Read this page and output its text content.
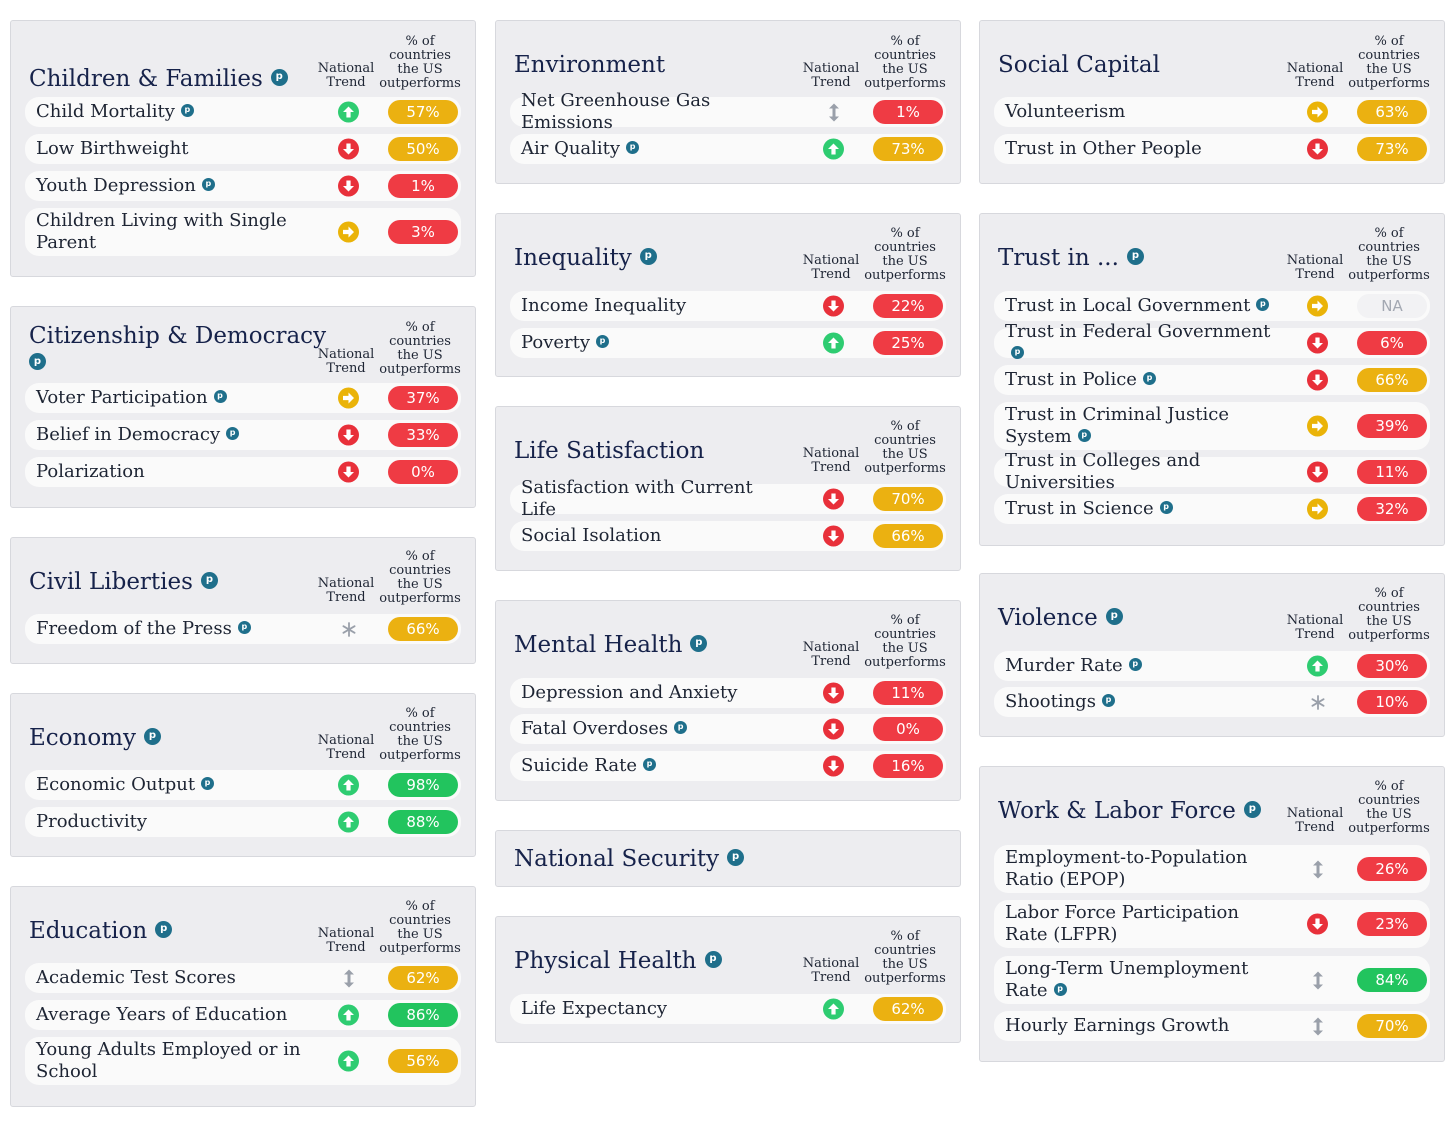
Children & Families p
National
Trend
% of
countries
the US
outperforms
Child Mortality p	57%
Low Birthweight	50%
Youth Depression p	1%
Children Living with Single Parent	3%
Citizenship & Democracy
p	National
Trend
% of
countries
the US
outperforms
Voter Participation p	37%
Belief in Democracy p	33%
Polarization	0%
Civil Liberties p	National
Trend
% of
countries
the US
outperforms
Freedom of the Press p	66%
Economy p	National
Trend
% of
countries
the US
outperforms
Economic Output p	98%
Productivity	88%
Education p	National
Trend
% of
countries
the US
outperforms
Academic Test Scores	62%
Average Years of Education	86%
Young Adults Employed or in School	56%
Environment	National
Trend
% of
countries
the US
outperforms
Net Greenhouse Gas Emissions	1%
Air Quality p	73%
Inequality p	National
Trend
% of
countries
the US
outperforms
Income Inequality	22%
Poverty p	25%
Life Satisfaction	National
Trend
% of
countries
the US
outperforms
Satisfaction with Current Life	70%
Social Isolation	66%
Mental Health p	National
Trend
% of
countries
the US
outperforms
Depression and Anxiety	11%
Fatal Overdoses p	0%
Suicide Rate p	16%
National Security p
Physical Health p	National
Trend
% of
countries
the US
outperforms
Life Expectancy	62%
Social Capital	National
Trend
% of
countries
the US
outperforms
Volunteerism	63%
Trust in Other People	73%
Trust in ... p	National
Trend
% of
countries
the US
outperforms
Trust in Local Government p	NA
Trust in Federal Governmentp	6%
Trust in Police p	66%
Trust in Criminal Justice System p	39%
Trust in Colleges and Universities	11%
Trust in Science p	32%
Violence p	National
Trend
% of
countries
the US
outperforms
Murder Rate p	30%
Shootings p	10%
Work & Labor Force p	National
Trend
% of
countries
the US
outperforms
Employment-to-Population Ratio (EPOP)	26%
Labor Force Participation Rate (LFPR)	23%
Long-Term Unemployment Rate p	84%
Hourly Earnings Growth	70%
